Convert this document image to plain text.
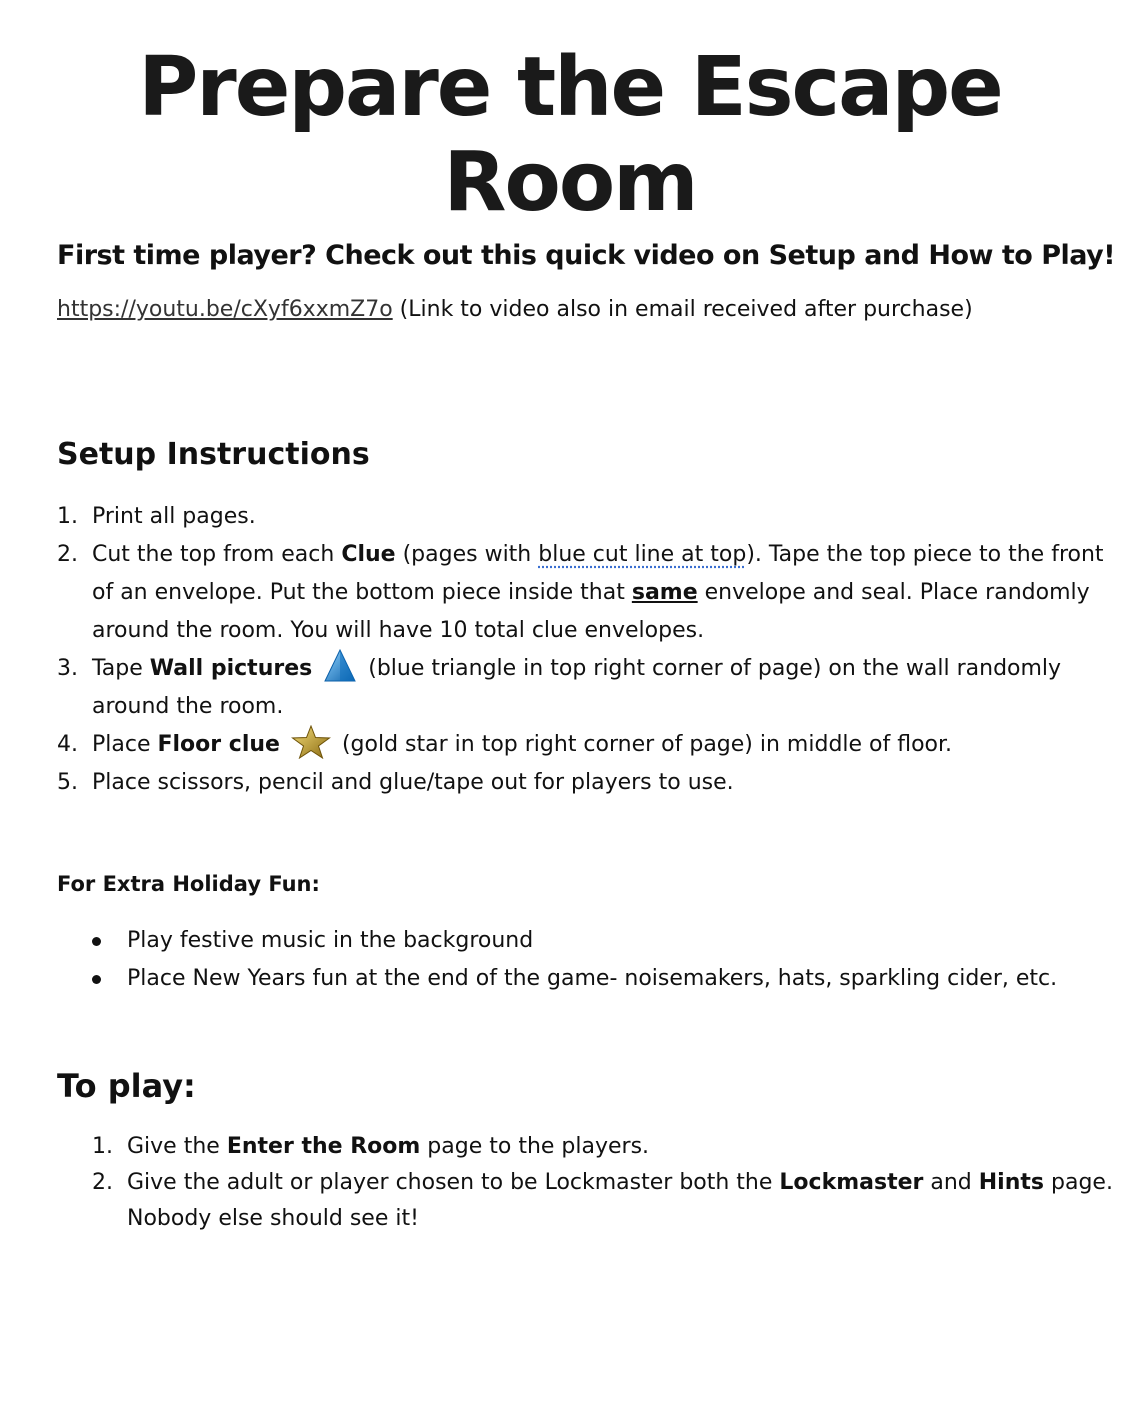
Prepare the Escape Room

First time player? Check out this quick video on Setup and How to Play!

https://youtu.be/cXyf6xxmZ7o (Link to video also in email received after purchase)

Setup Instructions
1. Print all pages.
2. Cut the top from each Clue (pages with blue cut line at top). Tape the top piece to the front of an envelope. Put the bottom piece inside that same envelope and seal. Place randomly around the room. You will have 10 total clue envelopes.
3. Tape Wall pictures	(blue triangle in top right corner of page) on the wall randomly around the room.
4. Place Floor clue	(gold star in top right corner of page) in middle of floor.
5. Place scissors, pencil and glue/tape out for players to use.
For Extra Holiday Fun:
Play festive music in the background
Place New Years fun at the end of the game- noisemakers, hats, sparkling cider, etc.
To play:
1. Give the Enter the Room page to the players.
2. Give the adult or player chosen to be Lockmaster both the Lockmaster and Hints page. Nobody else should see it!
